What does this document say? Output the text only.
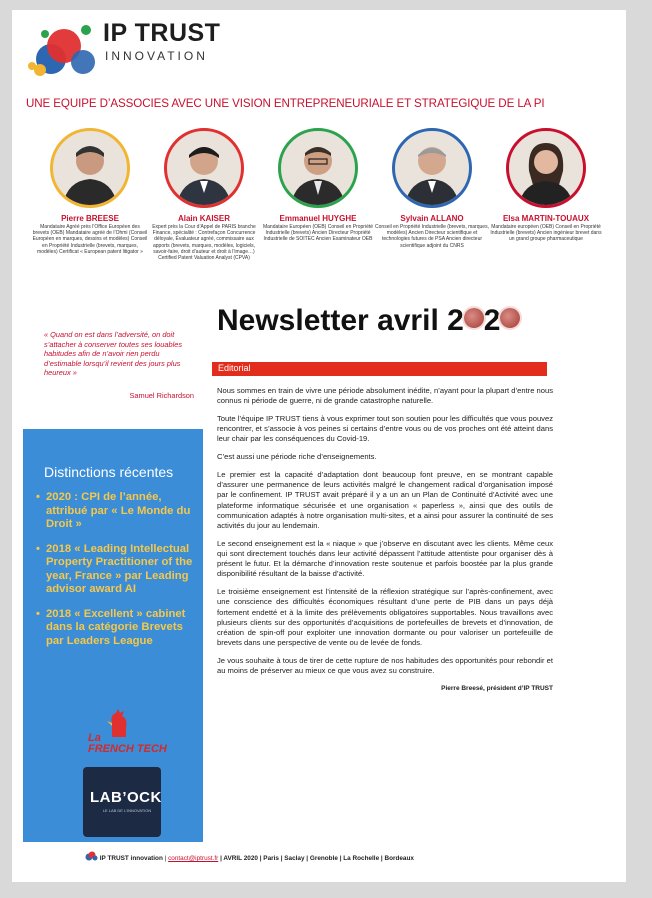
IP TRUST
INNOVATION
UNE EQUIPE D’ASSOCIES AVEC UNE VISION ENTREPRENEURIALE ET STRATEGIQUE DE LA PI
Pierre BREESE
Mandataire Agréé près l’Office Européen des brevets (OEB) Mandataire agréé de l’Ohmi (Conseil Européen en marques, dessins et modèles) Conseil en Propriété Industrielle (brevets, marques, modèles) Certificat « European patent litigator »
Alain KAISER
Expert près la Cour d’Appel de PARIS branche Finance, spécialité : Contrefaçon Concurrence déloyale, Évaluateur agréé, commissaire aux apports (brevets, marques, modèles, logiciels, savoir-faire, droit d’auteur et droit à l’image…) Certified Patent Valuation Analyst (CPVA)
Emmanuel HUYGHE
Mandataire Européen (OEB) Conseil en Propriété Industrielle (brevets) Ancien Directeur Propriété Industrielle de SOITEC Ancien Examinateur OEB
Sylvain ALLANO
Conseil en Propriété Industrielle (brevets, marques, modèles) Ancien Directeur scientifique et technologies futures de PSA Ancien directeur scientifique adjoint du CNRS
Elsa MARTIN-TOUAUX
Mandataire européen (OEB) Conseil en Propriété Industrielle (brevets) Ancien ingénieur brevet dans un grand groupe pharmaceutique
« Quand on est dans l’adversité, on doit s’attacher à conserver toutes ses louables habitudes afin de n’avoir rien perdu d’estimable lorsqu’il revient des jours plus heureux »
Samuel Richardson
Newsletter avril 2 2
Editorial

Nous sommes en train de vivre une période absolument inédite, n’ayant pour la plupart d’entre nous connus ni période de guerre, ni de grande catastrophe naturelle.

Toute l’équipe IP TRUST tiens à vous exprimer tout son soutien pour les difficultés que vous pouvez rencontrer, et s’associe à vos peines si certains d’entre vous ou de vos proches ont été atteint dans leur chair par les conséquences du Covid-19.

C’est aussi une période riche d’enseignements.

Le premier est la capacité d’adaptation dont beaucoup font preuve, en se montrant capable d’assurer une permanence de leurs activités malgré le changement radical d’organisation imposé par le confinement. IP TRUST avait préparé il y a un an un Plan de Continuité d’Activité avec une plateforme informatique sécurisée et une organisation « paperless », ainsi que des outils de communication adaptés à notre organisation multi-sites, et a ainsi pour assurer la continuité de ses activités du jour au lendemain.

Le second enseignement est la « niaque » que j’observe en discutant avec les clients. Même ceux qui sont directement touchés dans leur activité dépassent l’attitude attentiste pour organiser dès à présent le futur. Et la démarche d’innovation reste soutenue et parfois boostée par la plus grande disponibilité résultant de la baisse d’activité.

Le troisième enseignement est l’intensité de la réflexion stratégique sur l’après-confinement, avec une conscience des difficultés économiques résultant d’une perte de PIB dans un pays déjà fortement endetté et à la limite des prélèvements obligatoires supportables. Nous travaillons avec plusieurs clients sur des opportunités d’acquisitions de portefeuilles de brevets et d’innovation, de création de spin-off pour exploiter une innovation dormante ou pour valoriser un portefeuille de brevets dans une perspective de vente ou de levée de fonds.

Je vous souhaite à tous de tirer de cette rupture de nos habitudes des opportunités pour rebondir et au moins de préserver au mieux ce que vous avez su construire.

Pierre Breesé, président d’IP TRUST

Distinctions récentes
• 2020 : CPI de l’année, attribué par « Le Monde du Droit »
• 2018 « Leading Intellectual Property Practitioner of the year, France » par Leading advisor award AI
• 2018 « Excellent » cabinet dans la catégorie Brevets par Leaders League
La
FRENCH TECH
LAB’OCK
LE LAB DE L’INNOVATION
IP TRUST innovation | contact@iptrust.fr | AVRIL 2020 | Paris | Saclay | Grenoble | La Rochelle | Bordeaux
